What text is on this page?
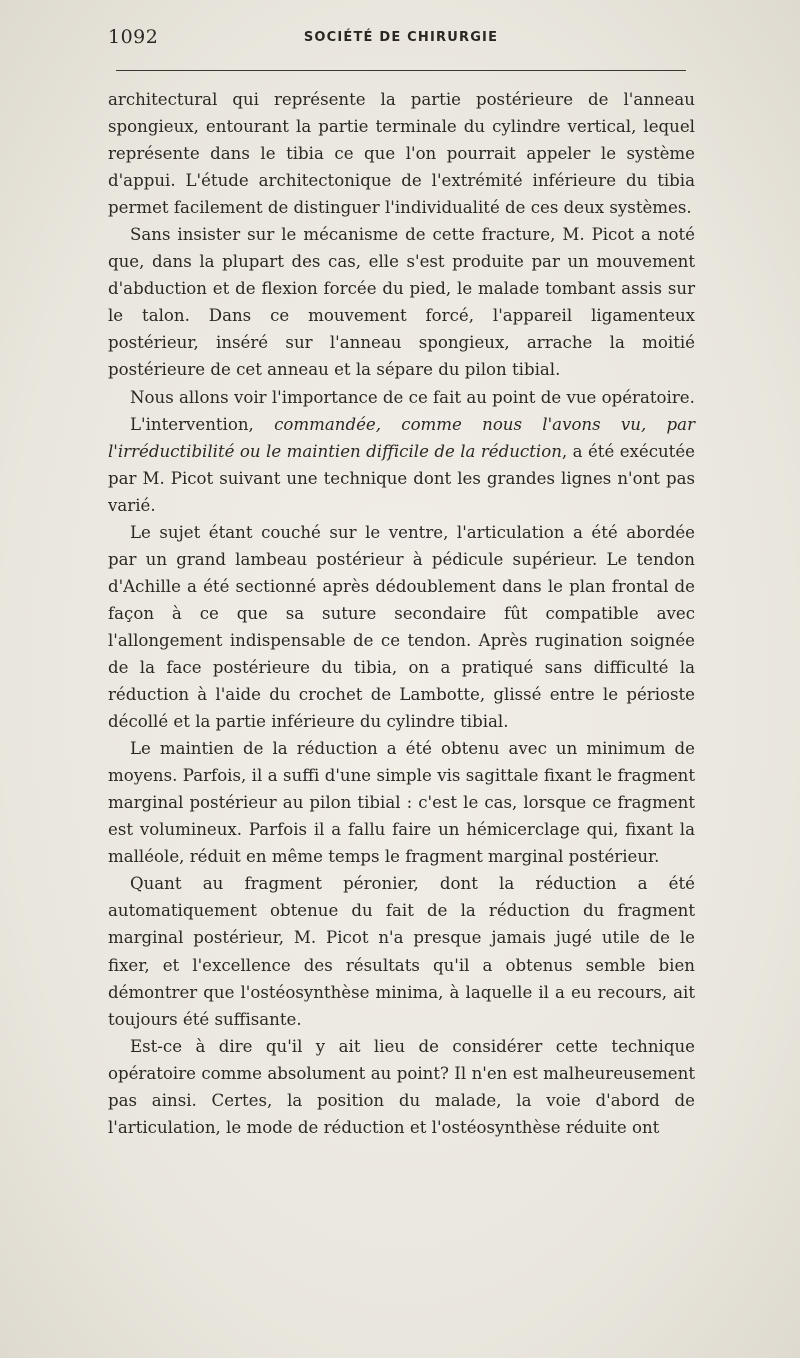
1092	SOCIÉTÉ DE CHIRURGIE

architectural qui représente la partie postérieure de l'anneau spongieux, entourant la partie terminale du cylindre vertical, lequel représente dans le tibia ce que l'on pourrait appeler le système d'appui. L'étude architectonique de l'extrémité inférieure du tibia permet facilement de distinguer l'individualité de ces deux systèmes.

Sans insister sur le mécanisme de cette fracture, M. Picot a noté que, dans la plupart des cas, elle s'est produite par un mouvement d'abduction et de flexion forcée du pied, le malade tombant assis sur le talon. Dans ce mouvement forcé, l'appareil ligamenteux postérieur, inséré sur l'anneau spongieux, arrache la moitié postérieure de cet anneau et la sépare du pilon tibial.

Nous allons voir l'importance de ce fait au point de vue opératoire.

L'intervention, commandée, comme nous l'avons vu, par l'irréductibilité ou le maintien difficile de la réduction, a été exécutée par M. Picot suivant une technique dont les grandes lignes n'ont pas varié.

Le sujet étant couché sur le ventre, l'articulation a été abordée par un grand lambeau postérieur à pédicule supérieur. Le tendon d'Achille a été sectionné après dédoublement dans le plan frontal de façon à ce que sa suture secondaire fût compatible avec l'allongement indispensable de ce tendon. Après rugination soignée de la face postérieure du tibia, on a pratiqué sans difficulté la réduction à l'aide du crochet de Lambotte, glissé entre le périoste décollé et la partie inférieure du cylindre tibial.

Le maintien de la réduction a été obtenu avec un minimum de moyens. Parfois, il a suffi d'une simple vis sagittale fixant le fragment marginal postérieur au pilon tibial : c'est le cas, lorsque ce fragment est volumineux. Parfois il a fallu faire un hémicerclage qui, fixant la malléole, réduit en même temps le fragment marginal postérieur.

Quant au fragment péronier, dont la réduction a été automatiquement obtenue du fait de la réduction du fragment marginal postérieur, M. Picot n'a presque jamais jugé utile de le fixer, et l'excellence des résultats qu'il a obtenus semble bien démontrer que l'ostéosynthèse minima, à laquelle il a eu recours, ait toujours été suffisante.

Est-ce à dire qu'il y ait lieu de considérer cette technique opératoire comme absolument au point? Il n'en est malheureusement pas ainsi. Certes, la position du malade, la voie d'abord de l'articulation, le mode de réduction et l'ostéosynthèse réduite ont
